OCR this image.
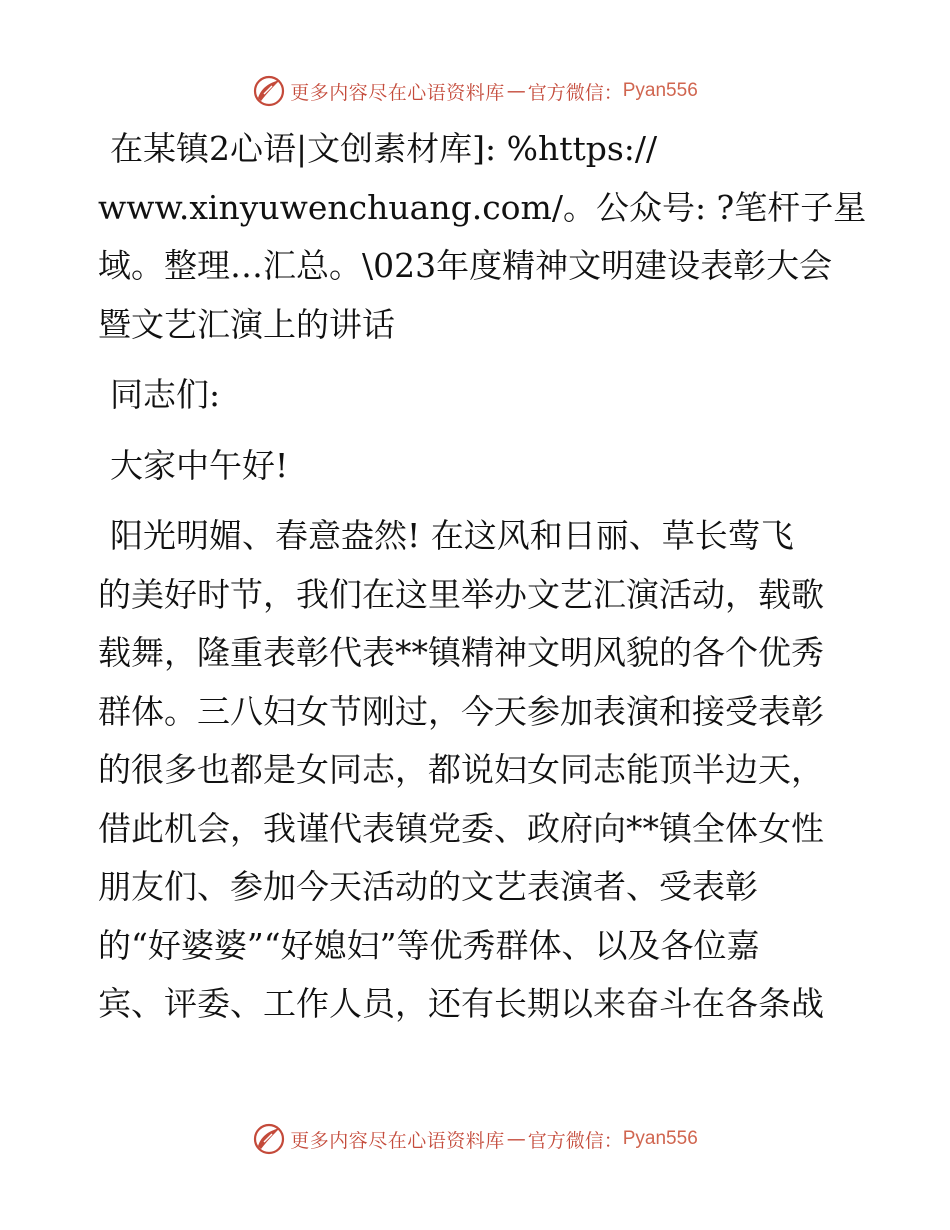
更多内容尽在心语资料库 — 官方微信： Pyan556

在某镇2心语|文创素材库]: %https://
www.xinyuwenchuang.com/。公众号: ?笔杆子星
域。整理…汇总。\023年度精神文明建设表彰大会
暨文艺汇演上的讲话

同志们:

大家中午好!

阳光明媚、春意盎然! 在这风和日丽、草长莺飞
的美好时节，我们在这里举办文艺汇演活动，载歌
载舞，隆重表彰代表**镇精神文明风貌的各个优秀
群体。三八妇女节刚过，今天参加表演和接受表彰
的很多也都是女同志，都说妇女同志能顶半边天，
借此机会，我谨代表镇党委、政府向**镇全体女性
朋友们、参加今天活动的文艺表演者、受表彰
的“好婆婆”“好媳妇”等优秀群体、以及各位嘉
宾、评委、工作人员，还有长期以来奋斗在各条战

更多内容尽在心语资料库 — 官方微信： Pyan556
